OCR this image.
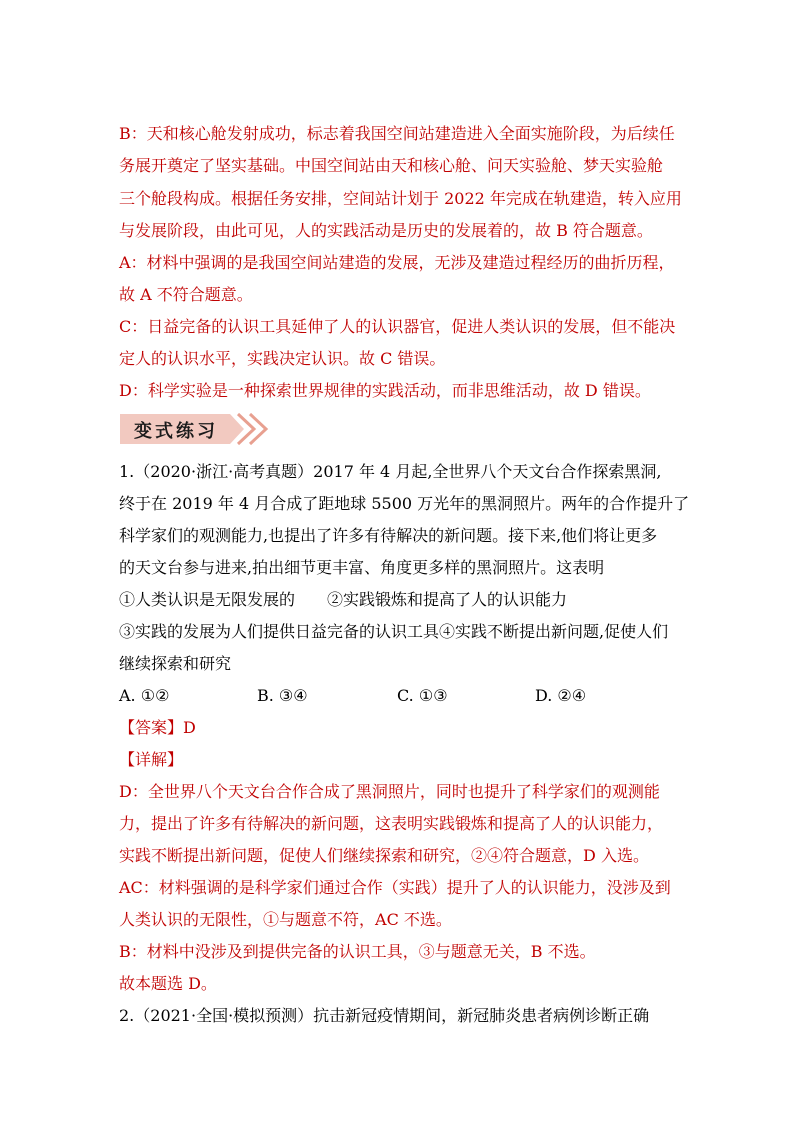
B：天和核心舱发射成功，标志着我国空间站建造进入全面实施阶段，为后续任
务展开奠定了坚实基础。中国空间站由天和核心舱、问天实验舱、梦天实验舱
三个舱段构成。根据任务安排，空间站计划于 2022 年完成在轨建造，转入应用
与发展阶段，由此可见，人的实践活动是历史的发展着的，故 B 符合题意。
A：材料中强调的是我国空间站建造的发展，无涉及建造过程经历的曲折历程，
故 A 不符合题意。
C：日益完备的认识工具延伸了人的认识器官，促进人类认识的发展，但不能决
定人的认识水平，实践决定认识。故 C 错误。
D：科学实验是一种探索世界规律的实践活动，而非思维活动，故 D 错误。
变式练习
1.（2020·浙江·高考真题）2017 年 4 月起,全世界八个天文台合作探索黑洞,
终于在 2019 年 4 月合成了距地球 5500 万光年的黑洞照片。两年的合作提升了
科学家们的观测能力,也提出了许多有待解决的新问题。接下来,他们将让更多
的天文台参与进来,拍出细节更丰富、角度更多样的黑洞照片。这表明
①人类认识是无限发展的　　②实践锻炼和提高了人的认识能力
③实践的发展为人们提供日益完备的认识工具④实践不断提出新问题,促使人们
继续探索和研究
A. ①②	B. ③④	C. ①③	D. ②④
【答案】D
【详解】
D：全世界八个天文台合作合成了黑洞照片，同时也提升了科学家们的观测能
力，提出了许多有待解决的新问题，这表明实践锻炼和提高了人的认识能力，
实践不断提出新问题，促使人们继续探索和研究，②④符合题意，D 入选。
AC：材料强调的是科学家们通过合作（实践）提升了人的认识能力，没涉及到
人类认识的无限性，①与题意不符，AC 不选。
B：材料中没涉及到提供完备的认识工具，③与题意无关，B 不选。
故本题选 D。
2.（2021·全国·模拟预测）抗击新冠疫情期间，新冠肺炎患者病例诊断正确
